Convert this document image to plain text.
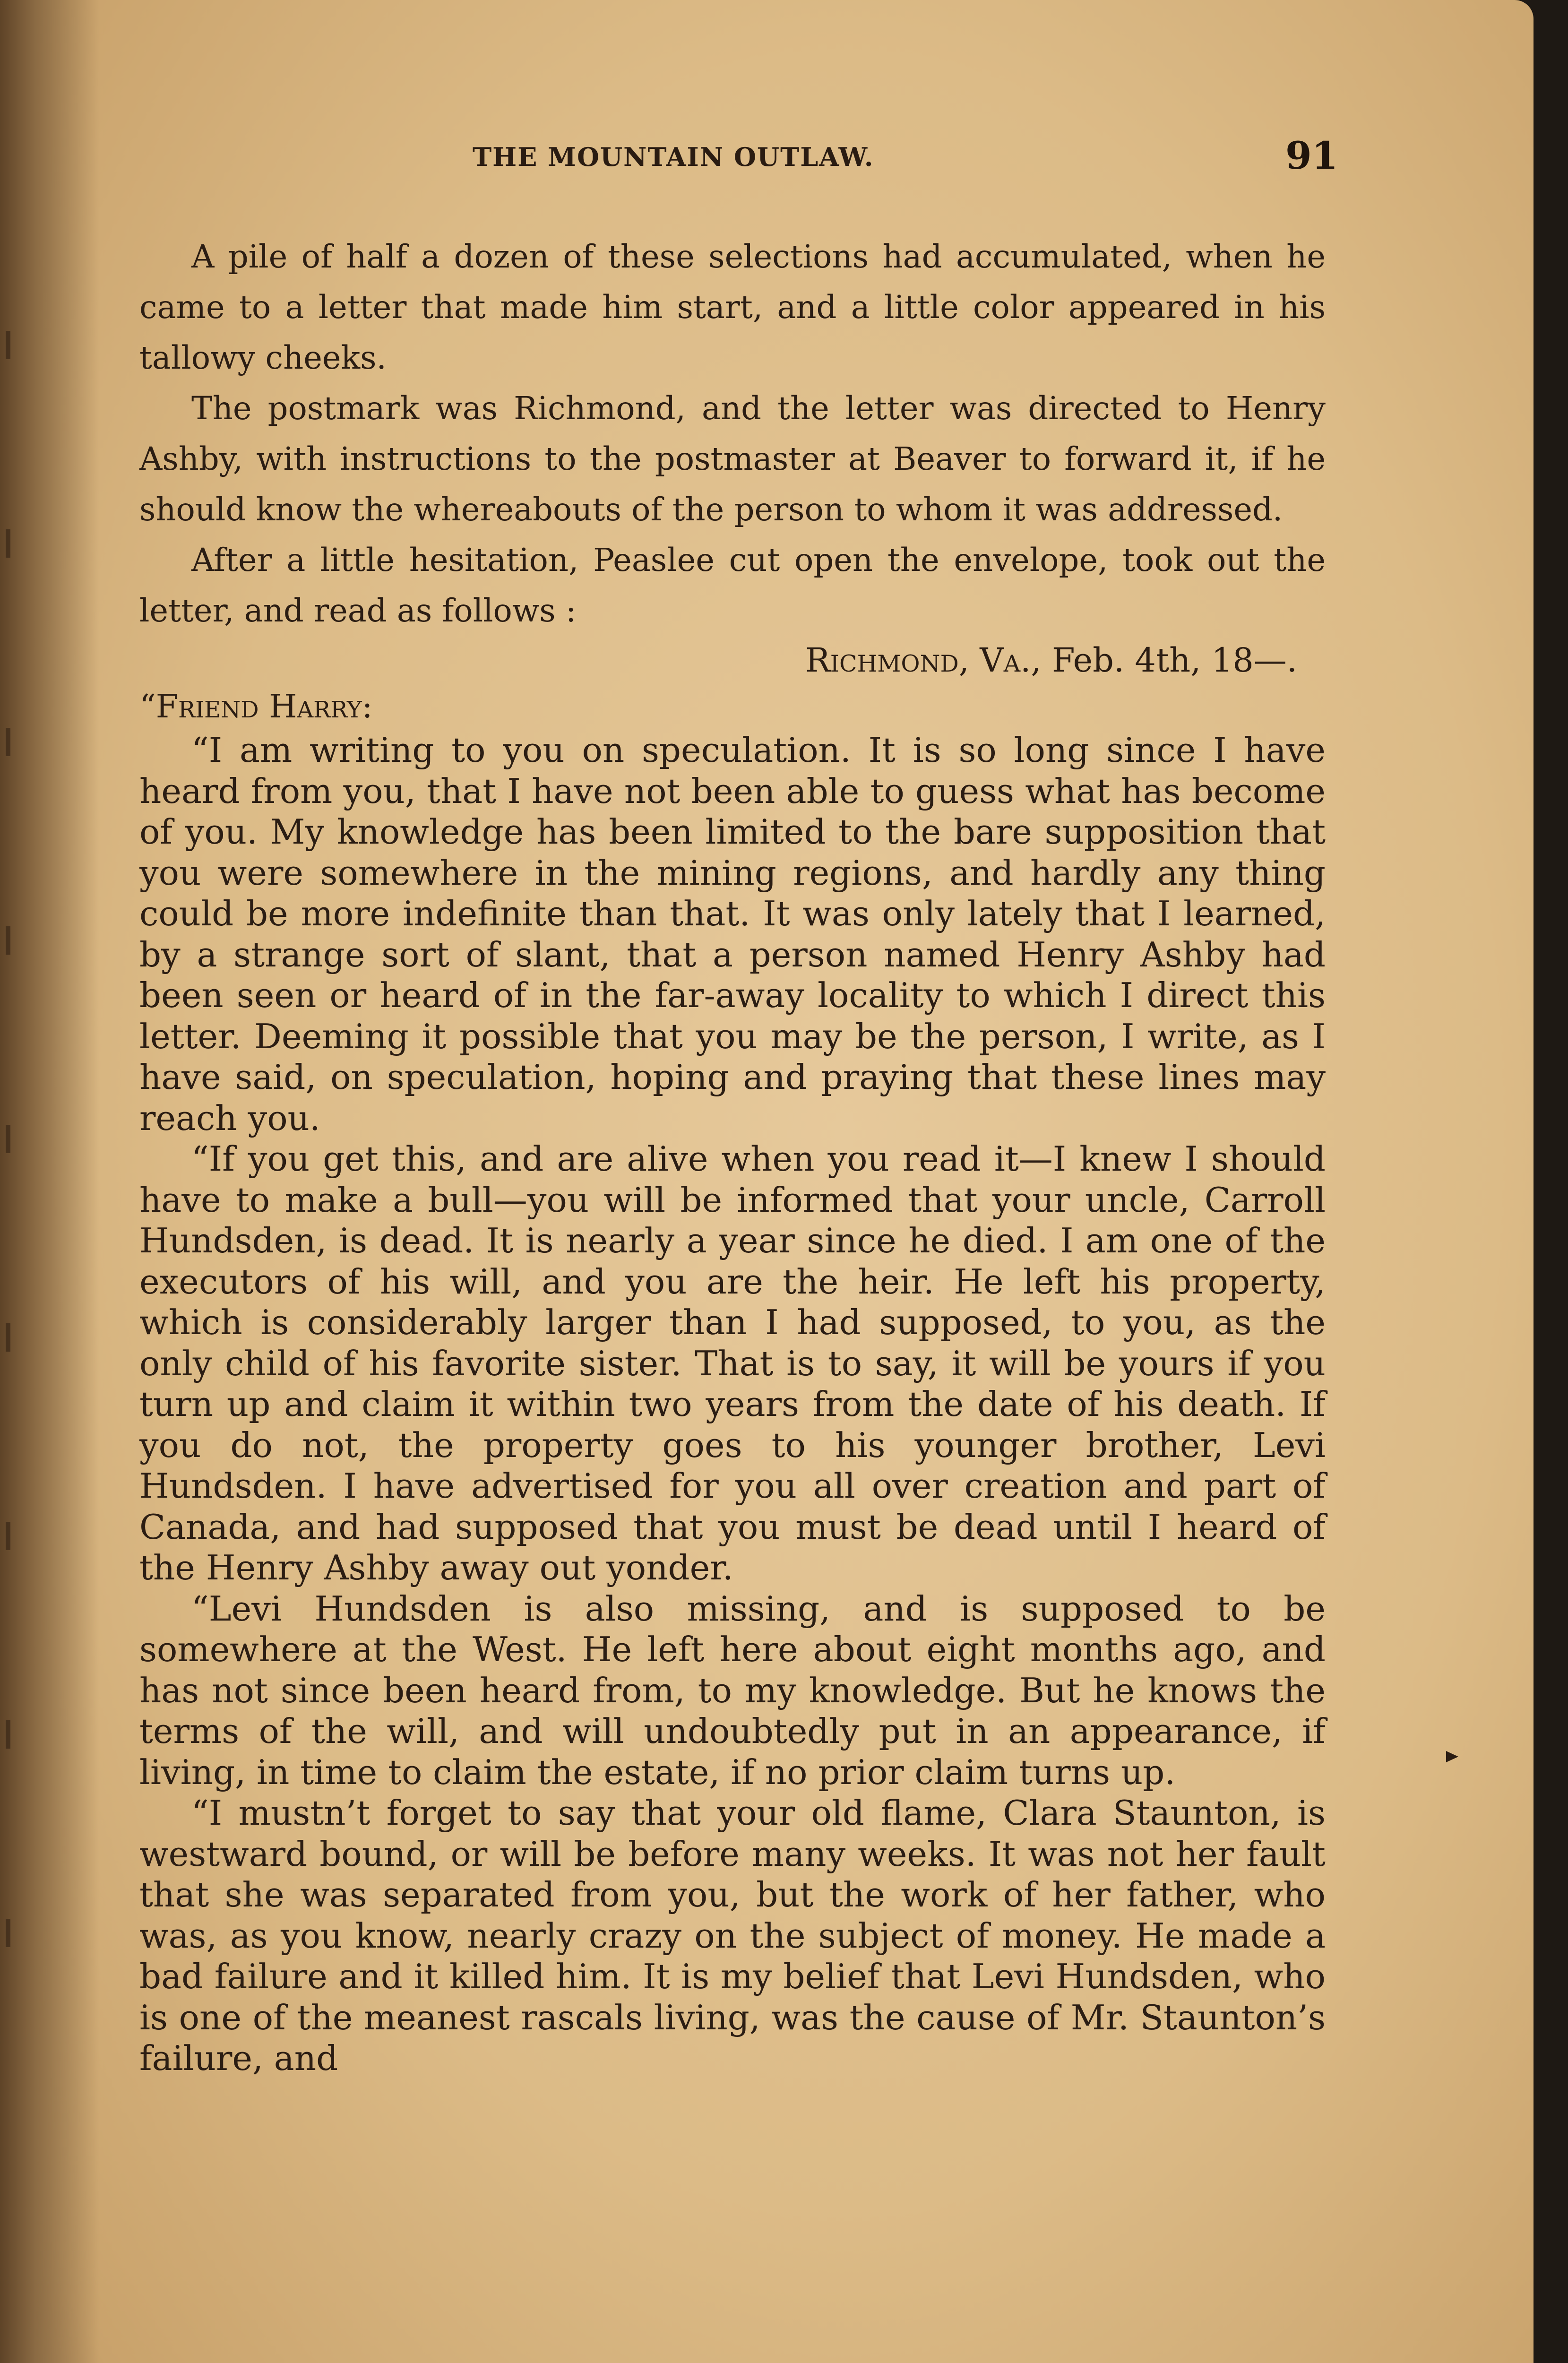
THE MOUNTAIN OUTLAW.	91

A pile of half a dozen of these selections had accumulated, when he came to a letter that made him start, and a little color appeared in his tallowy cheeks.

The postmark was Richmond, and the letter was directed to Henry Ashby, with instructions to the postmaster at Beaver to forward it, if he should know the whereabouts of the person to whom it was addressed.

After a little hesitation, Peaslee cut open the envelope, took out the letter, and read as follows :

Richmond, Va., Feb. 4th, 18—.

“Friend Harry:

“I am writing to you on speculation. It is so long since I have heard from you, that I have not been able to guess what has become of you. My knowledge has been limited to the bare supposition that you were somewhere in the mining regions, and hardly any thing could be more indefinite than that. It was only lately that I learned, by a strange sort of slant, that a person named Henry Ashby had been seen or heard of in the far-away locality to which I direct this letter. Deeming it possible that you may be the person, I write, as I have said, on speculation, hoping and praying that these lines may reach you.

“If you get this, and are alive when you read it—I knew I should have to make a bull—you will be informed that your uncle, Carroll Hundsden, is dead. It is nearly a year since he died. I am one of the executors of his will, and you are the heir. He left his property, which is considerably larger than I had supposed, to you, as the only child of his favorite sister. That is to say, it will be yours if you turn up and claim it within two years from the date of his death. If you do not, the property goes to his younger brother, Levi Hundsden. I have advertised for you all over creation and part of Canada, and had supposed that you must be dead until I heard of the Henry Ashby away out yonder.

“Levi Hundsden is also missing, and is supposed to be somewhere at the West. He left here about eight months ago, and has not since been heard from, to my knowledge. But he knows the terms of the will, and will undoubtedly put in an appearance, if living, in time to claim the estate, if no prior claim turns up.

“I mustn’t forget to say that your old flame, Clara Staunton, is westward bound, or will be before many weeks. It was not her fault that she was separated from you, but the work of her father, who was, as you know, nearly crazy on the subject of money. He made a bad failure and it killed him. It is my belief that Levi Hundsden, who is one of the meanest rascals living, was the cause of Mr. Staunton’s failure, and
